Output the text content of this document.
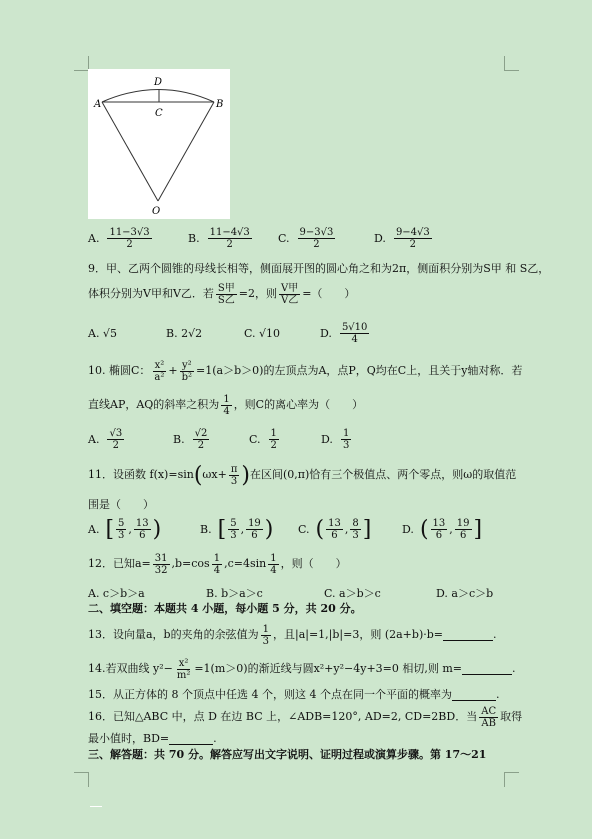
A	B
C
D
O
A. $\frac{11-3√3}{2}$	B. $\frac{11-4√3}{2} C$. $\frac{9-3√3}{2}$	D. $\frac{9-4√3}{2}$
9．甲、乙两个圆锥的母线长相等，侧面展开图的圆心角之和为2π，侧面积分别为S甲 和 S乙，
体积分别为V甲和V乙．若 $\frac{\text{S甲}}{\text{S乙}} =2$，则 $\frac{\text{V甲}}{\text{V乙}}$ =（　　）
A. √5	B. 2√2	C. √10	D. $\frac{5√10}{4}$
10. 椭圆C： $\frac{\text{x²}}{\text{a²}} + \frac{\text{y²}}{\text{b²}} =1(a>b>0)$的左顶点为A，点P，Q均在C上，且关于y轴对称．若
直线AP，AQ的斜率之积为 $\frac{1}{4}$ ，则C的离心率为（　　）
A. $\frac{√3}{2}$	B. $\frac{√2}{2}$	C. $\frac{1}{2}$	D. $\frac{1}{3}$
11．设函数 f(x)=sin ( $\omega x+ \frac{\pi}{3}$ ) 在区间(0,π)恰有三个极值点、两个零点，则ω的取值范
围是（　　）
A. [ $\frac{5}{3}$ , $\frac{13}{6}$ )	B. [ $\frac{5}{3}$ , $\frac{19}{6}$ ) C. ( $\frac{13}{6}$ , $\frac{8}{3}$ ]	D. ( $\frac{13}{6}$ , $\frac{19}{6}$ ]
12．已知$a= \frac{31}{32} ,b=\cos \frac{1}{4} ,c=4\sin \frac{1}{4}$ ，则（　　）
A. c＞b＞a	B. b＞a＞c	C. a＞b＞c	D. a＞c＞b
二、填空题：本题共 4 小题，每小题 5 分，共 20 分。
13．设向量a，b的夹角的余弦值为 $\frac{1}{3}$ ，且|a|=1,|b|=3，则 (2a+b)·b=	.
14.若双曲线 $y^2- \frac{\text{x²}}{\text{m²}} =1(m>0)$的渐近线与圆x²+y²−4y+3=0 相切,则 m=	.
15．从正方体的 8 个顶点中任选 4 个，则这 4 个点在同一个平面的概率为	.
16．已知△ABC 中，点 D 在边 BC 上，∠ADB=120°, AD=2, CD=2BD．当 $\frac{AC}{AB}$ 取得
最小值时，BD=	.
三、解答题：共 70 分。解答应写出文字说明、证明过程或演算步骤。第 17～21
